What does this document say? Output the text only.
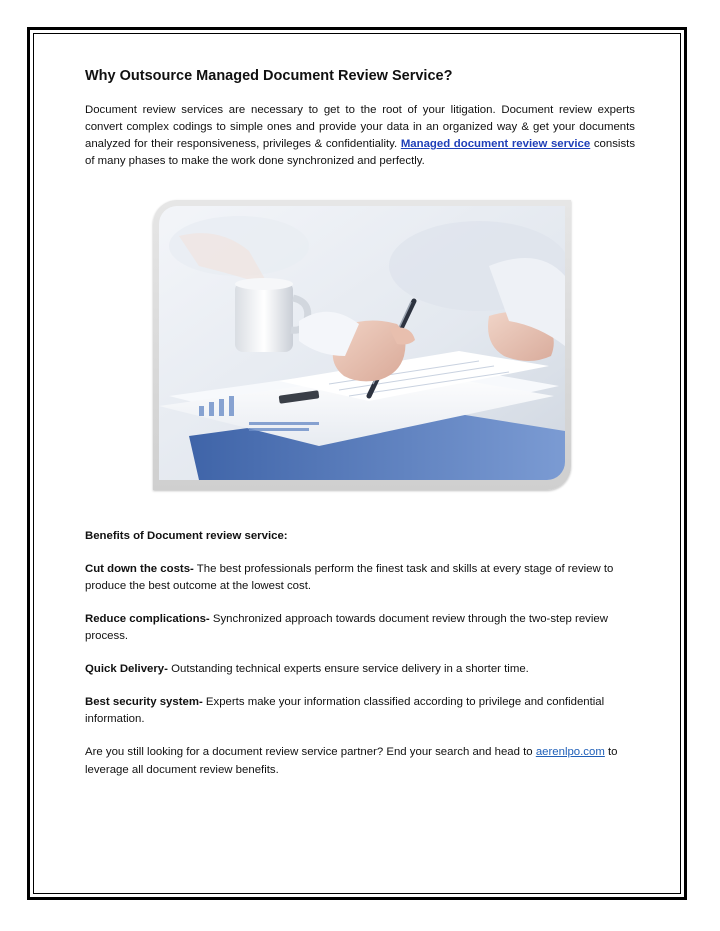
Why Outsource Managed Document Review Service?

Document review services are necessary to get to the root of your litigation. Document review experts convert complex codings to simple ones and provide your data in an organized way & get your documents analyzed for their responsiveness, privileges & confidentiality. Managed document review service consists of many phases to make the work done synchronized and perfectly.

Benefits of Document review service:

Cut down the costs- The best professionals perform the finest task and skills at every stage of review to produce the best outcome at the lowest cost.

Reduce complications- Synchronized approach towards document review through the two-step review process.

Quick Delivery- Outstanding technical experts ensure service delivery in a shorter time.

Best security system- Experts make your information classified according to privilege and confidential information.

Are you still looking for a document review service partner? End your search and head to aerenlpo.com to leverage all document review benefits.
